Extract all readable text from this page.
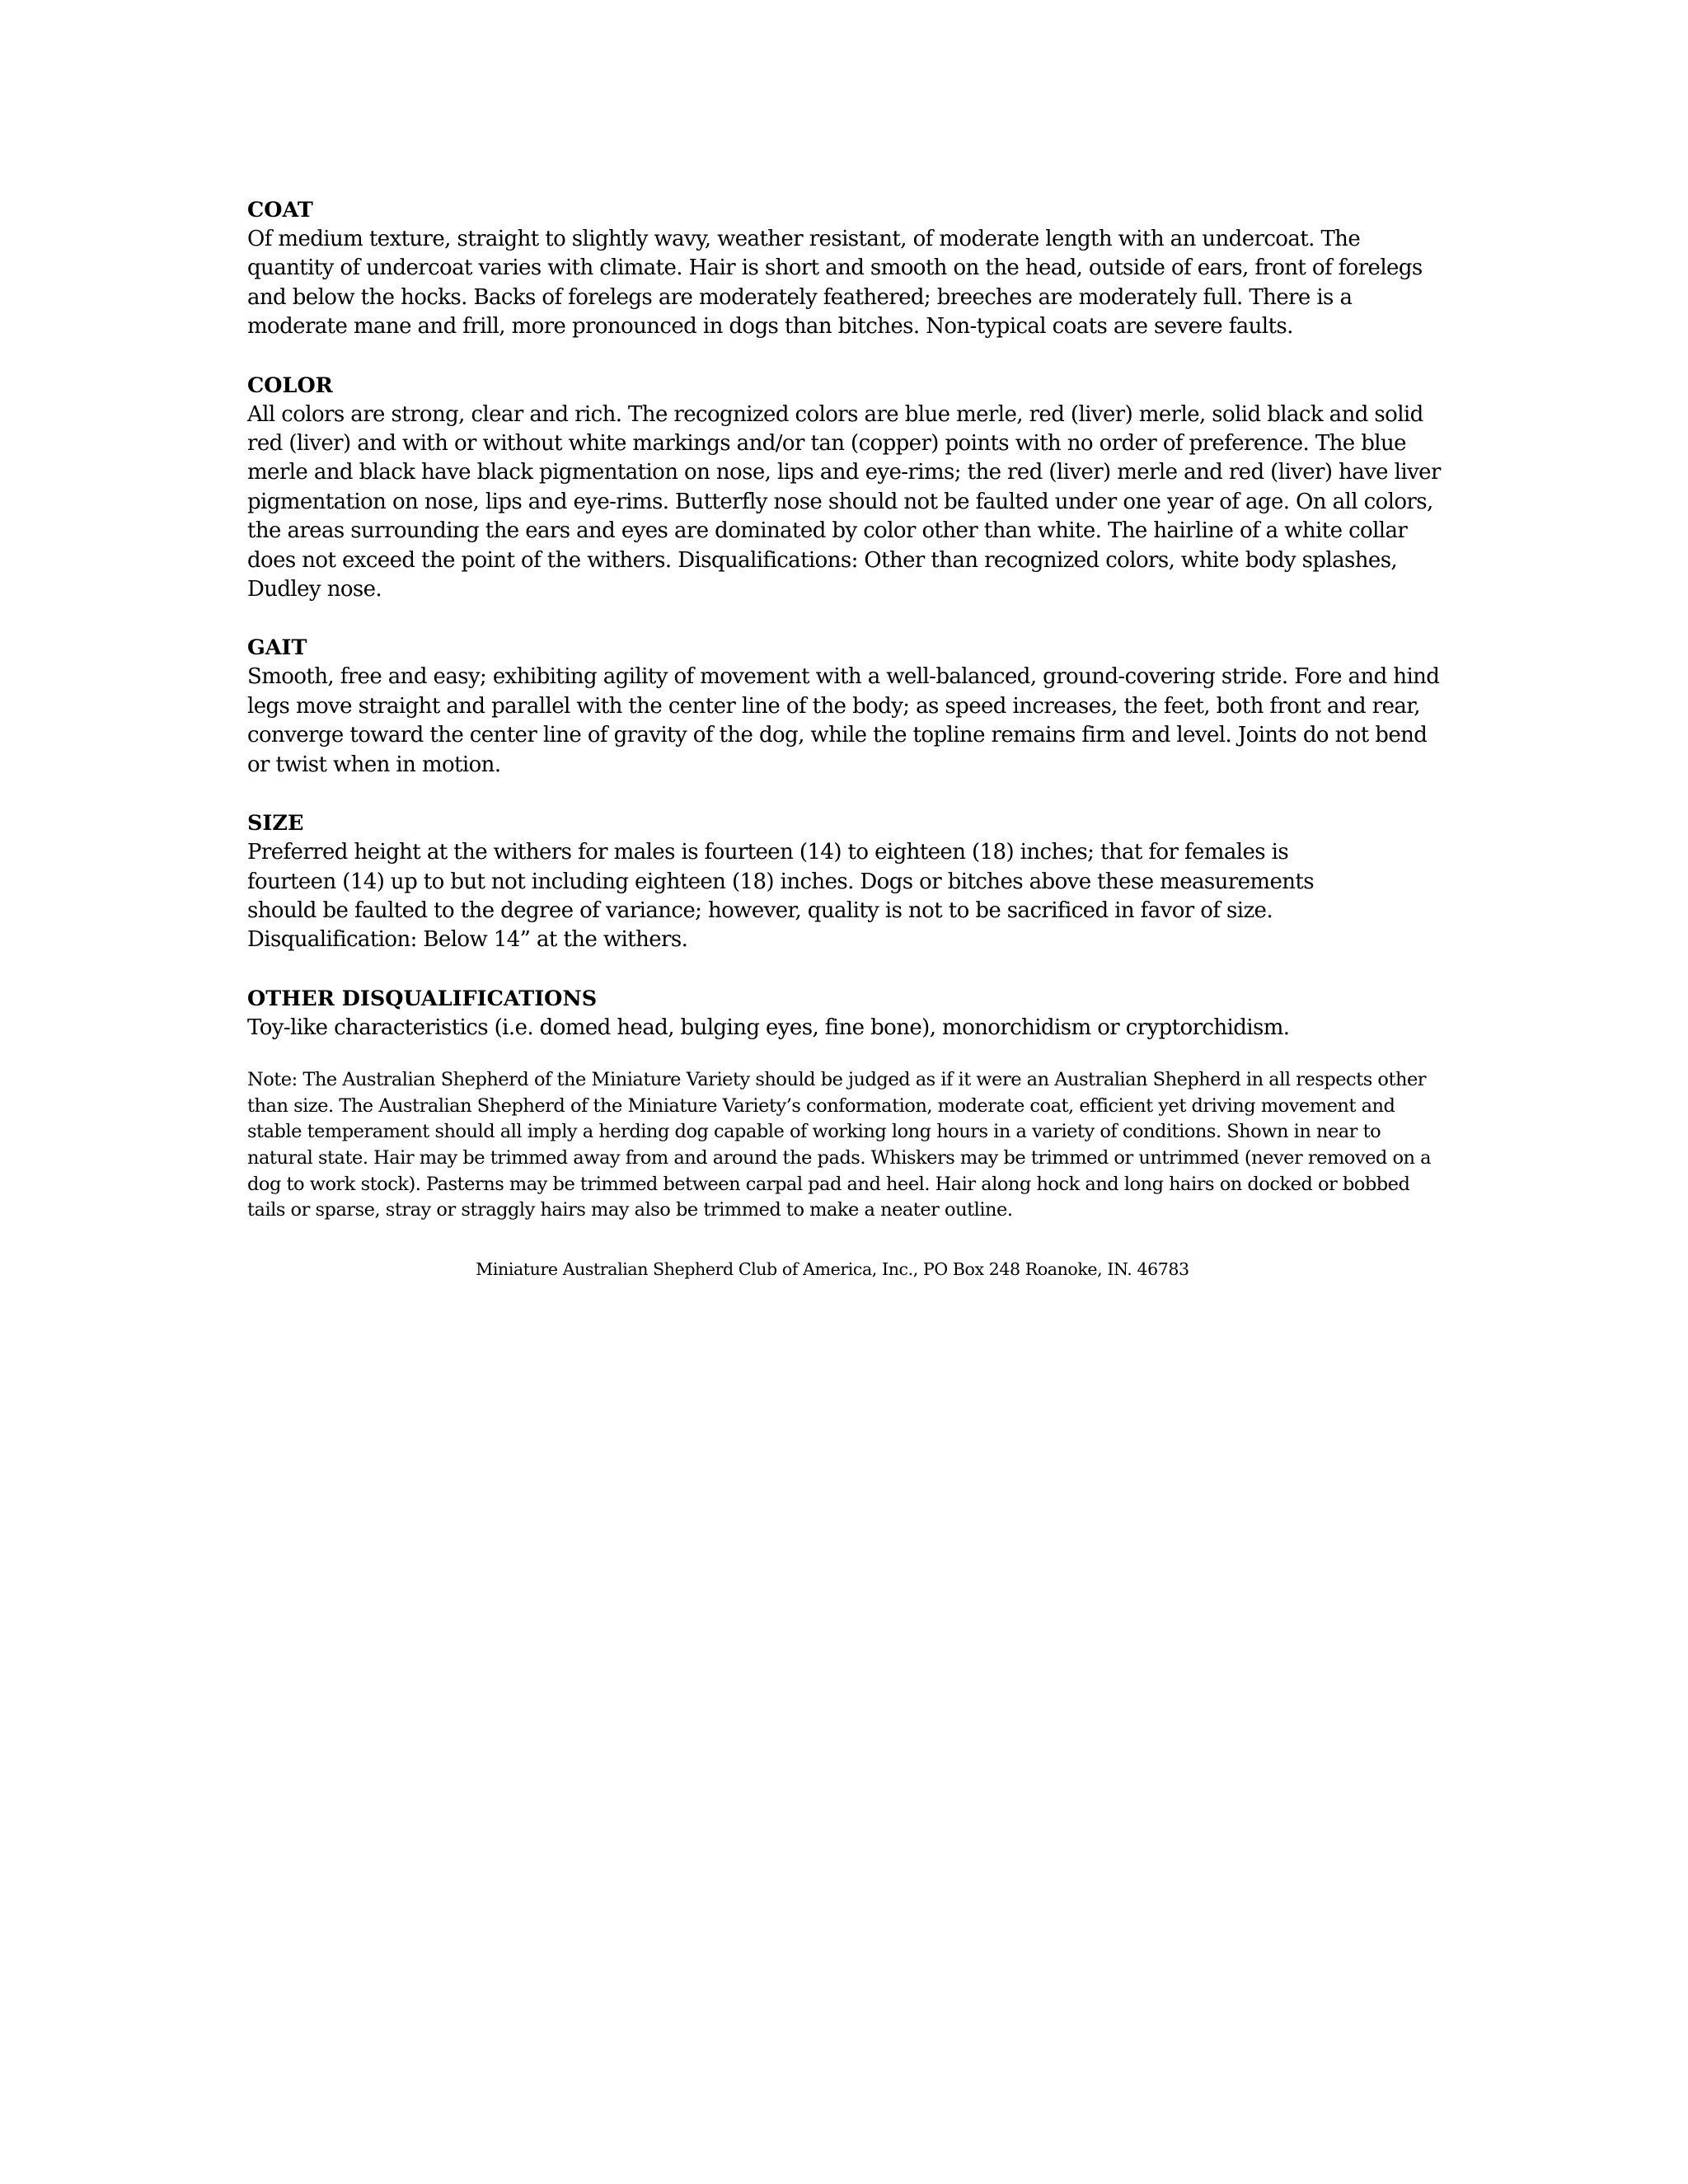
COAT

Of medium texture, straight to slightly wavy, weather resistant, of moderate length with an undercoat. The quantity of undercoat varies with climate. Hair is short and smooth on the head, outside of ears, front of forelegs and below the hocks. Backs of forelegs are moderately feathered; breeches are moderately full. There is a moderate mane and frill, more pronounced in dogs than bitches. Non-typical coats are severe faults.

COLOR

All colors are strong, clear and rich. The recognized colors are blue merle, red (liver) merle, solid black and solid red (liver) and with or without white markings and/or tan (copper) points with no order of preference. The blue merle and black have black pigmentation on nose, lips and eye-rims; the red (liver) merle and red (liver) have liver pigmentation on nose, lips and eye-rims. Butterfly nose should not be faulted under one year of age. On all colors, the areas surrounding the ears and eyes are dominated by color other than white. The hairline of a white collar does not exceed the point of the withers. Disqualifications: Other than recognized colors, white body splashes, Dudley nose.

GAIT

Smooth, free and easy; exhibiting agility of movement with a well-balanced, ground-covering stride. Fore and hind legs move straight and parallel with the center line of the body; as speed increases, the feet, both front and rear, converge toward the center line of gravity of the dog, while the topline remains firm and level. Joints do not bend or twist when in motion.

SIZE

Preferred height at the withers for males is fourteen (14) to eighteen (18) inches; that for females is fourteen (14) up to but not including eighteen (18) inches. Dogs or bitches above these measurements should be faulted to the degree of variance; however, quality is not to be sacrificed in favor of size. Disqualification: Below 14” at the withers.

OTHER DISQUALIFICATIONS

Toy-like characteristics (i.e. domed head, bulging eyes, fine bone), monorchidism or cryptorchidism.

Note: The Australian Shepherd of the Miniature Variety should be judged as if it were an Australian Shepherd in all respects other than size. The Australian Shepherd of the Miniature Variety’s conformation, moderate coat, efficient yet driving movement and stable temperament should all imply a herding dog capable of working long hours in a variety of conditions. Shown in near to natural state. Hair may be trimmed away from and around the pads. Whiskers may be trimmed or untrimmed (never removed on a dog to work stock). Pasterns may be trimmed between carpal pad and heel. Hair along hock and long hairs on docked or bobbed tails or sparse, stray or straggly hairs may also be trimmed to make a neater outline.

Miniature Australian Shepherd Club of America, Inc., PO Box 248 Roanoke, IN. 46783
